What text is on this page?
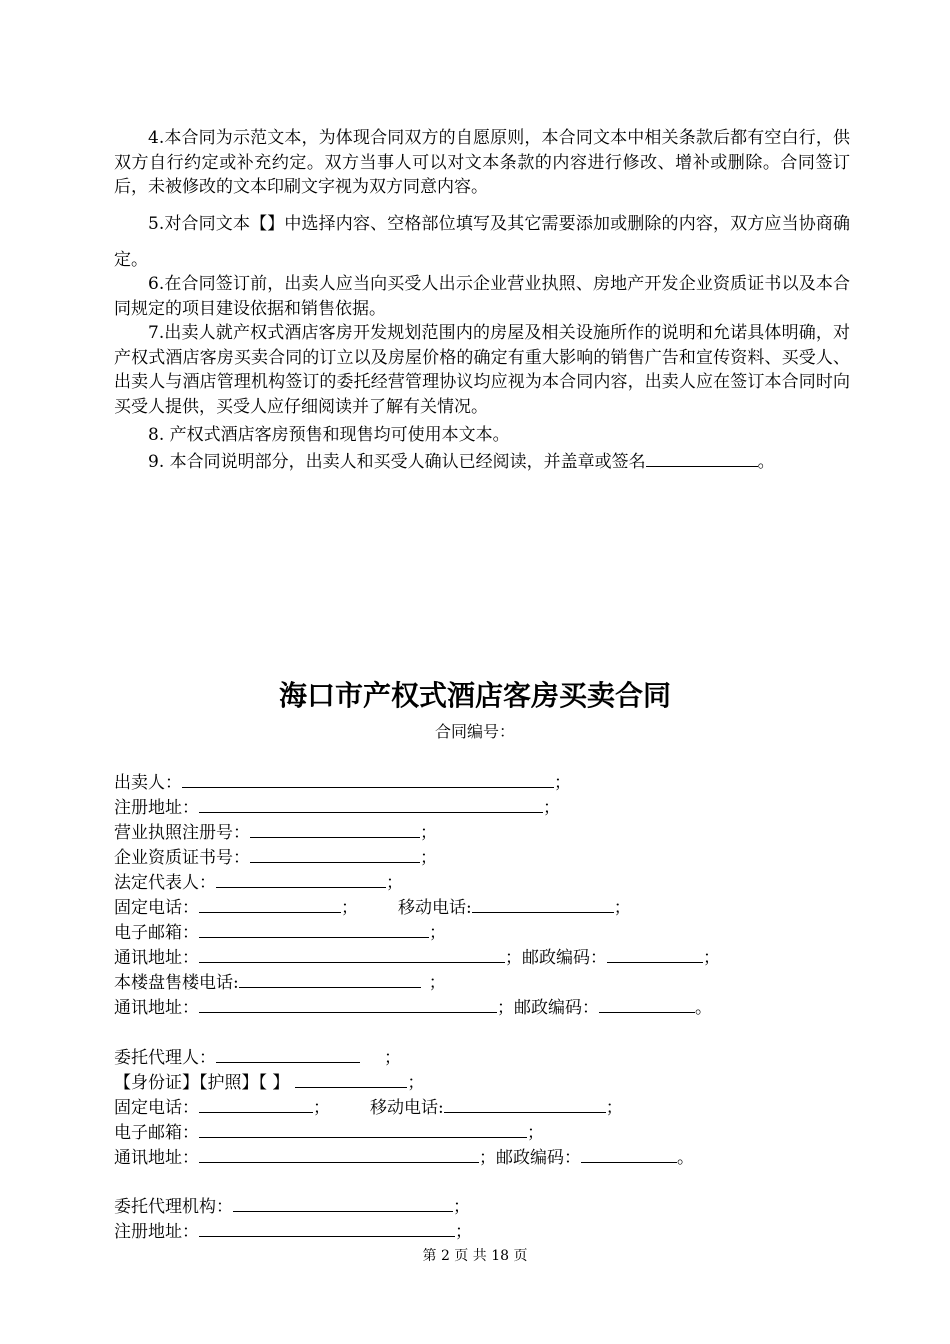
4.本合同为示范文本，为体现合同双方的自愿原则，本合同文本中相关条款后都有空白行，供双方自行约定或补充约定。双方当事人可以对文本条款的内容进行修改、增补或删除。合同签订后，未被修改的文本印刷文字视为双方同意内容。

5.对合同文本【】中选择内容、空格部位填写及其它需要添加或删除的内容，双方应当协商确定。

6.在合同签订前，出卖人应当向买受人出示企业营业执照、房地产开发企业资质证书以及本合同规定的项目建设依据和销售依据。

7.出卖人就产权式酒店客房开发规划范围内的房屋及相关设施所作的说明和允诺具体明确，对产权式酒店客房买卖合同的订立以及房屋价格的确定有重大影响的销售广告和宣传资料、买受人、出卖人与酒店管理机构签订的委托经营管理协议均应视为本合同内容，出卖人应在签订本合同时向买受人提供，买受人应仔细阅读并了解有关情况。

8. 产权式酒店客房预售和现售均可使用本文本。

9. 本合同说明部分，出卖人和买受人确认已经阅读，并盖章或签名	。
海口市产权式酒店客房买卖合同
合同编号：
出卖人：	；
注册地址：	；
营业执照注册号：	；
企业资质证书号：	；
法定代表人：	；
固定电话：	； 移动电话:	；
电子邮箱：	；
通讯地址：	；邮政编码：	；
本楼盘售楼电话:	；
通讯地址：	；邮政编码：	。
委托代理人：	；
【身份证】【护照】【 】	；
固定电话：	； 移动电话:	；
电子邮箱：	；
通讯地址：	；邮政编码：	。
委托代理机构：	；
注册地址：	；
第 2 页 共 18 页
